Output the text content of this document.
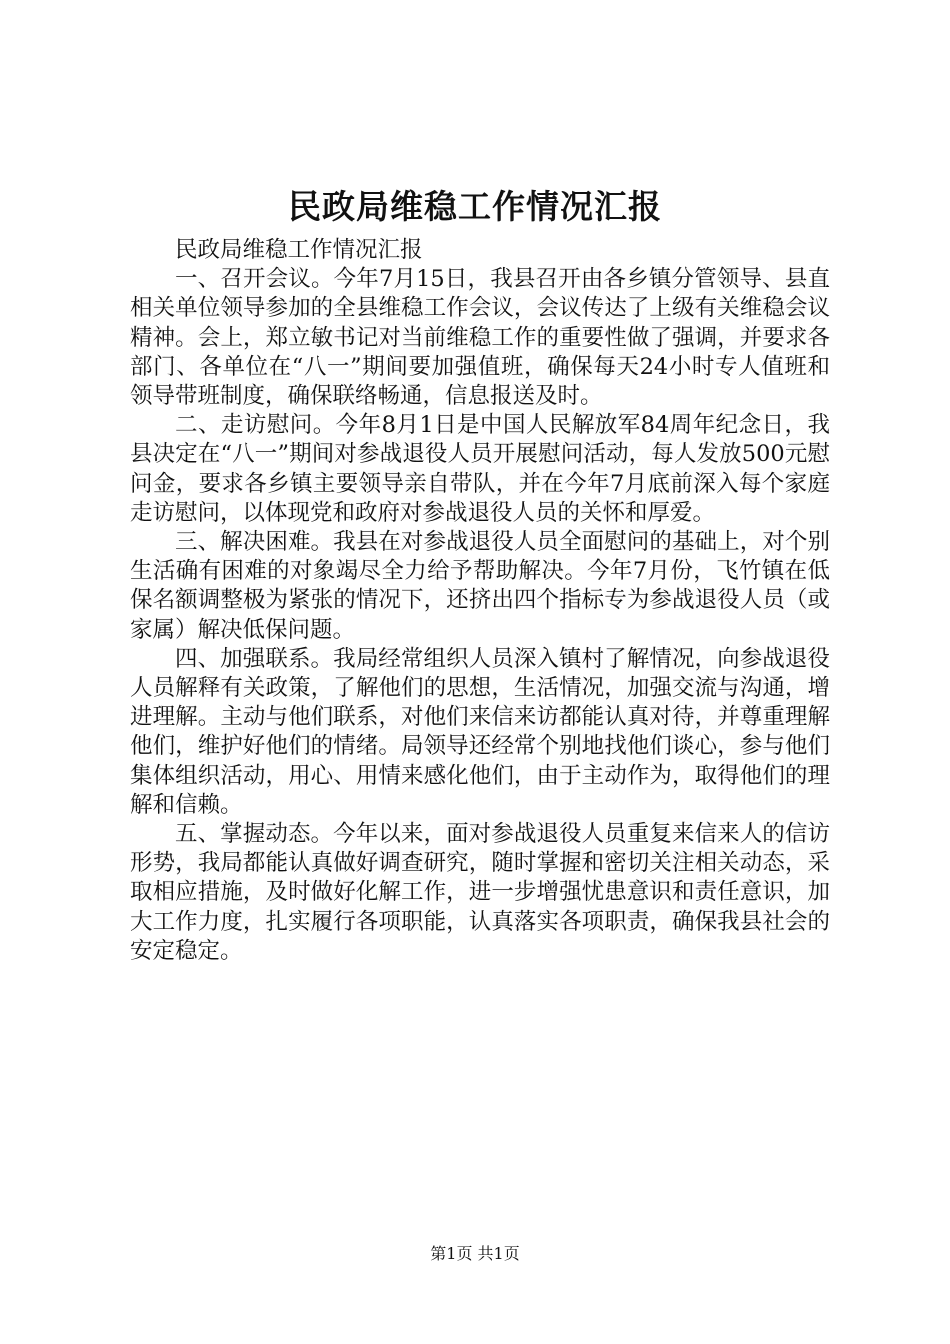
民政局维稳工作情况汇报

民政局维稳工作情况汇报

一、召开会议。今年7月15日，我县召开由各乡镇分管领导、县直相关单位领导参加的全县维稳工作会议，会议传达了上级有关维稳会议精神。会上，郑立敏书记对当前维稳工作的重要性做了强调，并要求各部门、各单位在“八一”期间要加强值班，确保每天24小时专人值班和领导带班制度，确保联络畅通，信息报送及时。

二、走访慰问。今年8月1日是中国人民解放军84周年纪念日，我县决定在“八一”期间对参战退役人员开展慰问活动，每人发放500元慰问金，要求各乡镇主要领导亲自带队，并在今年7月底前深入每个家庭走访慰问，以体现党和政府对参战退役人员的关怀和厚爱。

三、解决困难。我县在对参战退役人员全面慰问的基础上，对个别生活确有困难的对象竭尽全力给予帮助解决。今年7月份，飞竹镇在低保名额调整极为紧张的情况下，还挤出四个指标专为参战退役人员（或家属）解决低保问题。

四、加强联系。我局经常组织人员深入镇村了解情况，向参战退役人员解释有关政策，了解他们的思想，生活情况，加强交流与沟通，增进理解。主动与他们联系，对他们来信来访都能认真对待，并尊重理解他们，维护好他们的情绪。局领导还经常个别地找他们谈心，参与他们集体组织活动，用心、用情来感化他们，由于主动作为，取得他们的理解和信赖。

五、掌握动态。今年以来，面对参战退役人员重复来信来人的信访形势，我局都能认真做好调查研究，随时掌握和密切关注相关动态，采取相应措施，及时做好化解工作，进一步增强忧患意识和责任意识，加大工作力度，扎实履行各项职能，认真落实各项职责，确保我县社会的安定稳定。

第1页 共1页
